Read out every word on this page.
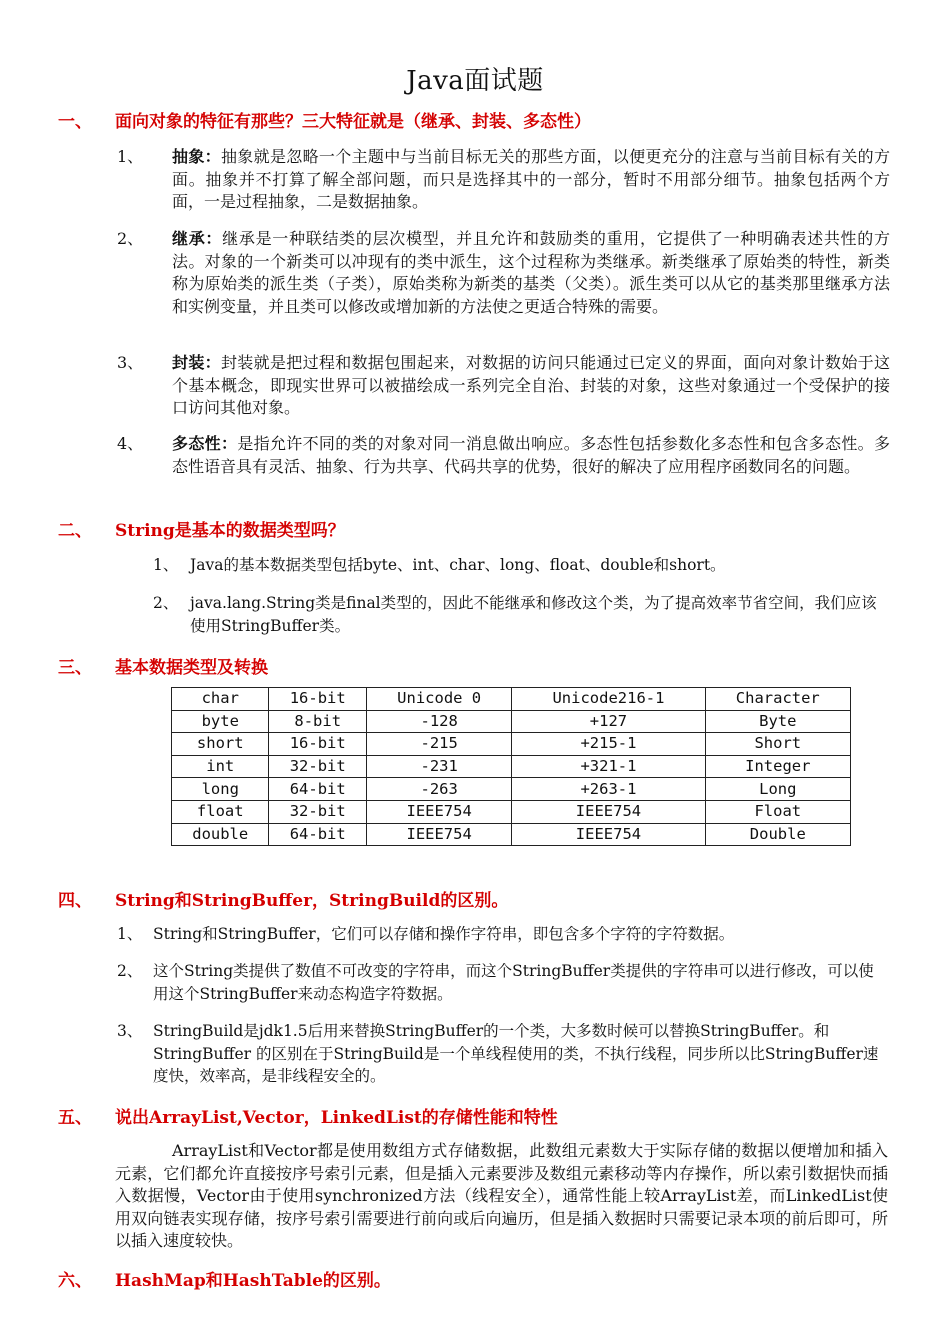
Java面试题
一、 面向对象的特征有那些？三大特征就是（继承、封装、多态性）
1、 抽象：抽象就是忽略一个主题中与当前目标无关的那些方面，以便更充分的注意与当前目标有关的方面。抽象并不打算了解全部问题，而只是选择其中的一部分，暂时不用部分细节。抽象包括两个方面，一是过程抽象，二是数据抽象。
2、 继承：继承是一种联结类的层次模型，并且允许和鼓励类的重用，它提供了一种明确表述共性的方法。对象的一个新类可以冲现有的类中派生，这个过程称为类继承。新类继承了原始类的特性，新类称为原始类的派生类（子类），原始类称为新类的基类（父类）。派生类可以从它的基类那里继承方法和实例变量，并且类可以修改或增加新的方法使之更适合特殊的需要。
3、 封装：封装就是把过程和数据包围起来，对数据的访问只能通过已定义的界面，面向对象计数始于这个基本概念，即现实世界可以被描绘成一系列完全自治、封装的对象，这些对象通过一个受保护的接口访问其他对象。
4、 多态性：是指允许不同的类的对象对同一消息做出响应。多态性包括参数化多态性和包含多态性。多态性语音具有灵活、抽象、行为共享、代码共享的优势，很好的解决了应用程序函数同名的问题。
二、 String是基本的数据类型吗？
1、 Java的基本数据类型包括byte、int、char、long、float、double和short。
2、 java.lang.String类是final类型的，因此不能继承和修改这个类，为了提高效率节省空间，我们应该使用StringBuffer类。
三、 基本数据类型及转换
char	16-bit	Unicode 0	Unicode216-1	Character
byte	8-bit	-128	+127	Byte
short	16-bit	-215	+215-1	Short
int	32-bit	-231	+321-1	Integer
long	64-bit	-263	+263-1	Long
float	32-bit	IEEE754	IEEE754	Float
double	64-bit	IEEE754	IEEE754	Double
四、 String和StringBuffer，StringBuild的区别。
1、 String和StringBuffer，它们可以存储和操作字符串，即包含多个字符的字符数据。
2、 这个String类提供了数值不可改变的字符串，而这个StringBuffer类提供的字符串可以进行修改，可以使用这个StringBuffer来动态构造字符数据。
3、 StringBuild是jdk1.5后用来替换StringBuffer的一个类，大多数时候可以替换StringBuffer。和StringBuffer 的区别在于StringBuild是一个单线程使用的类，不执行线程，同步所以比StringBuffer速度快，效率高，是非线程安全的。
五、 说出ArrayList,Vector，LinkedList的存储性能和特性
ArrayList和Vector都是使用数组方式存储数据，此数组元素数大于实际存储的数据以便增加和插入元素，它们都允许直接按序号索引元素，但是插入元素要涉及数组元素移动等内存操作，所以索引数据快而插入数据慢，Vector由于使用synchronized方法（线程安全），通常性能上较ArrayList差，而LinkedList使用双向链表实现存储，按序号索引需要进行前向或后向遍历，但是插入数据时只需要记录本项的前后即可，所以插入速度较快。
六、 HashMap和HashTable的区别。
